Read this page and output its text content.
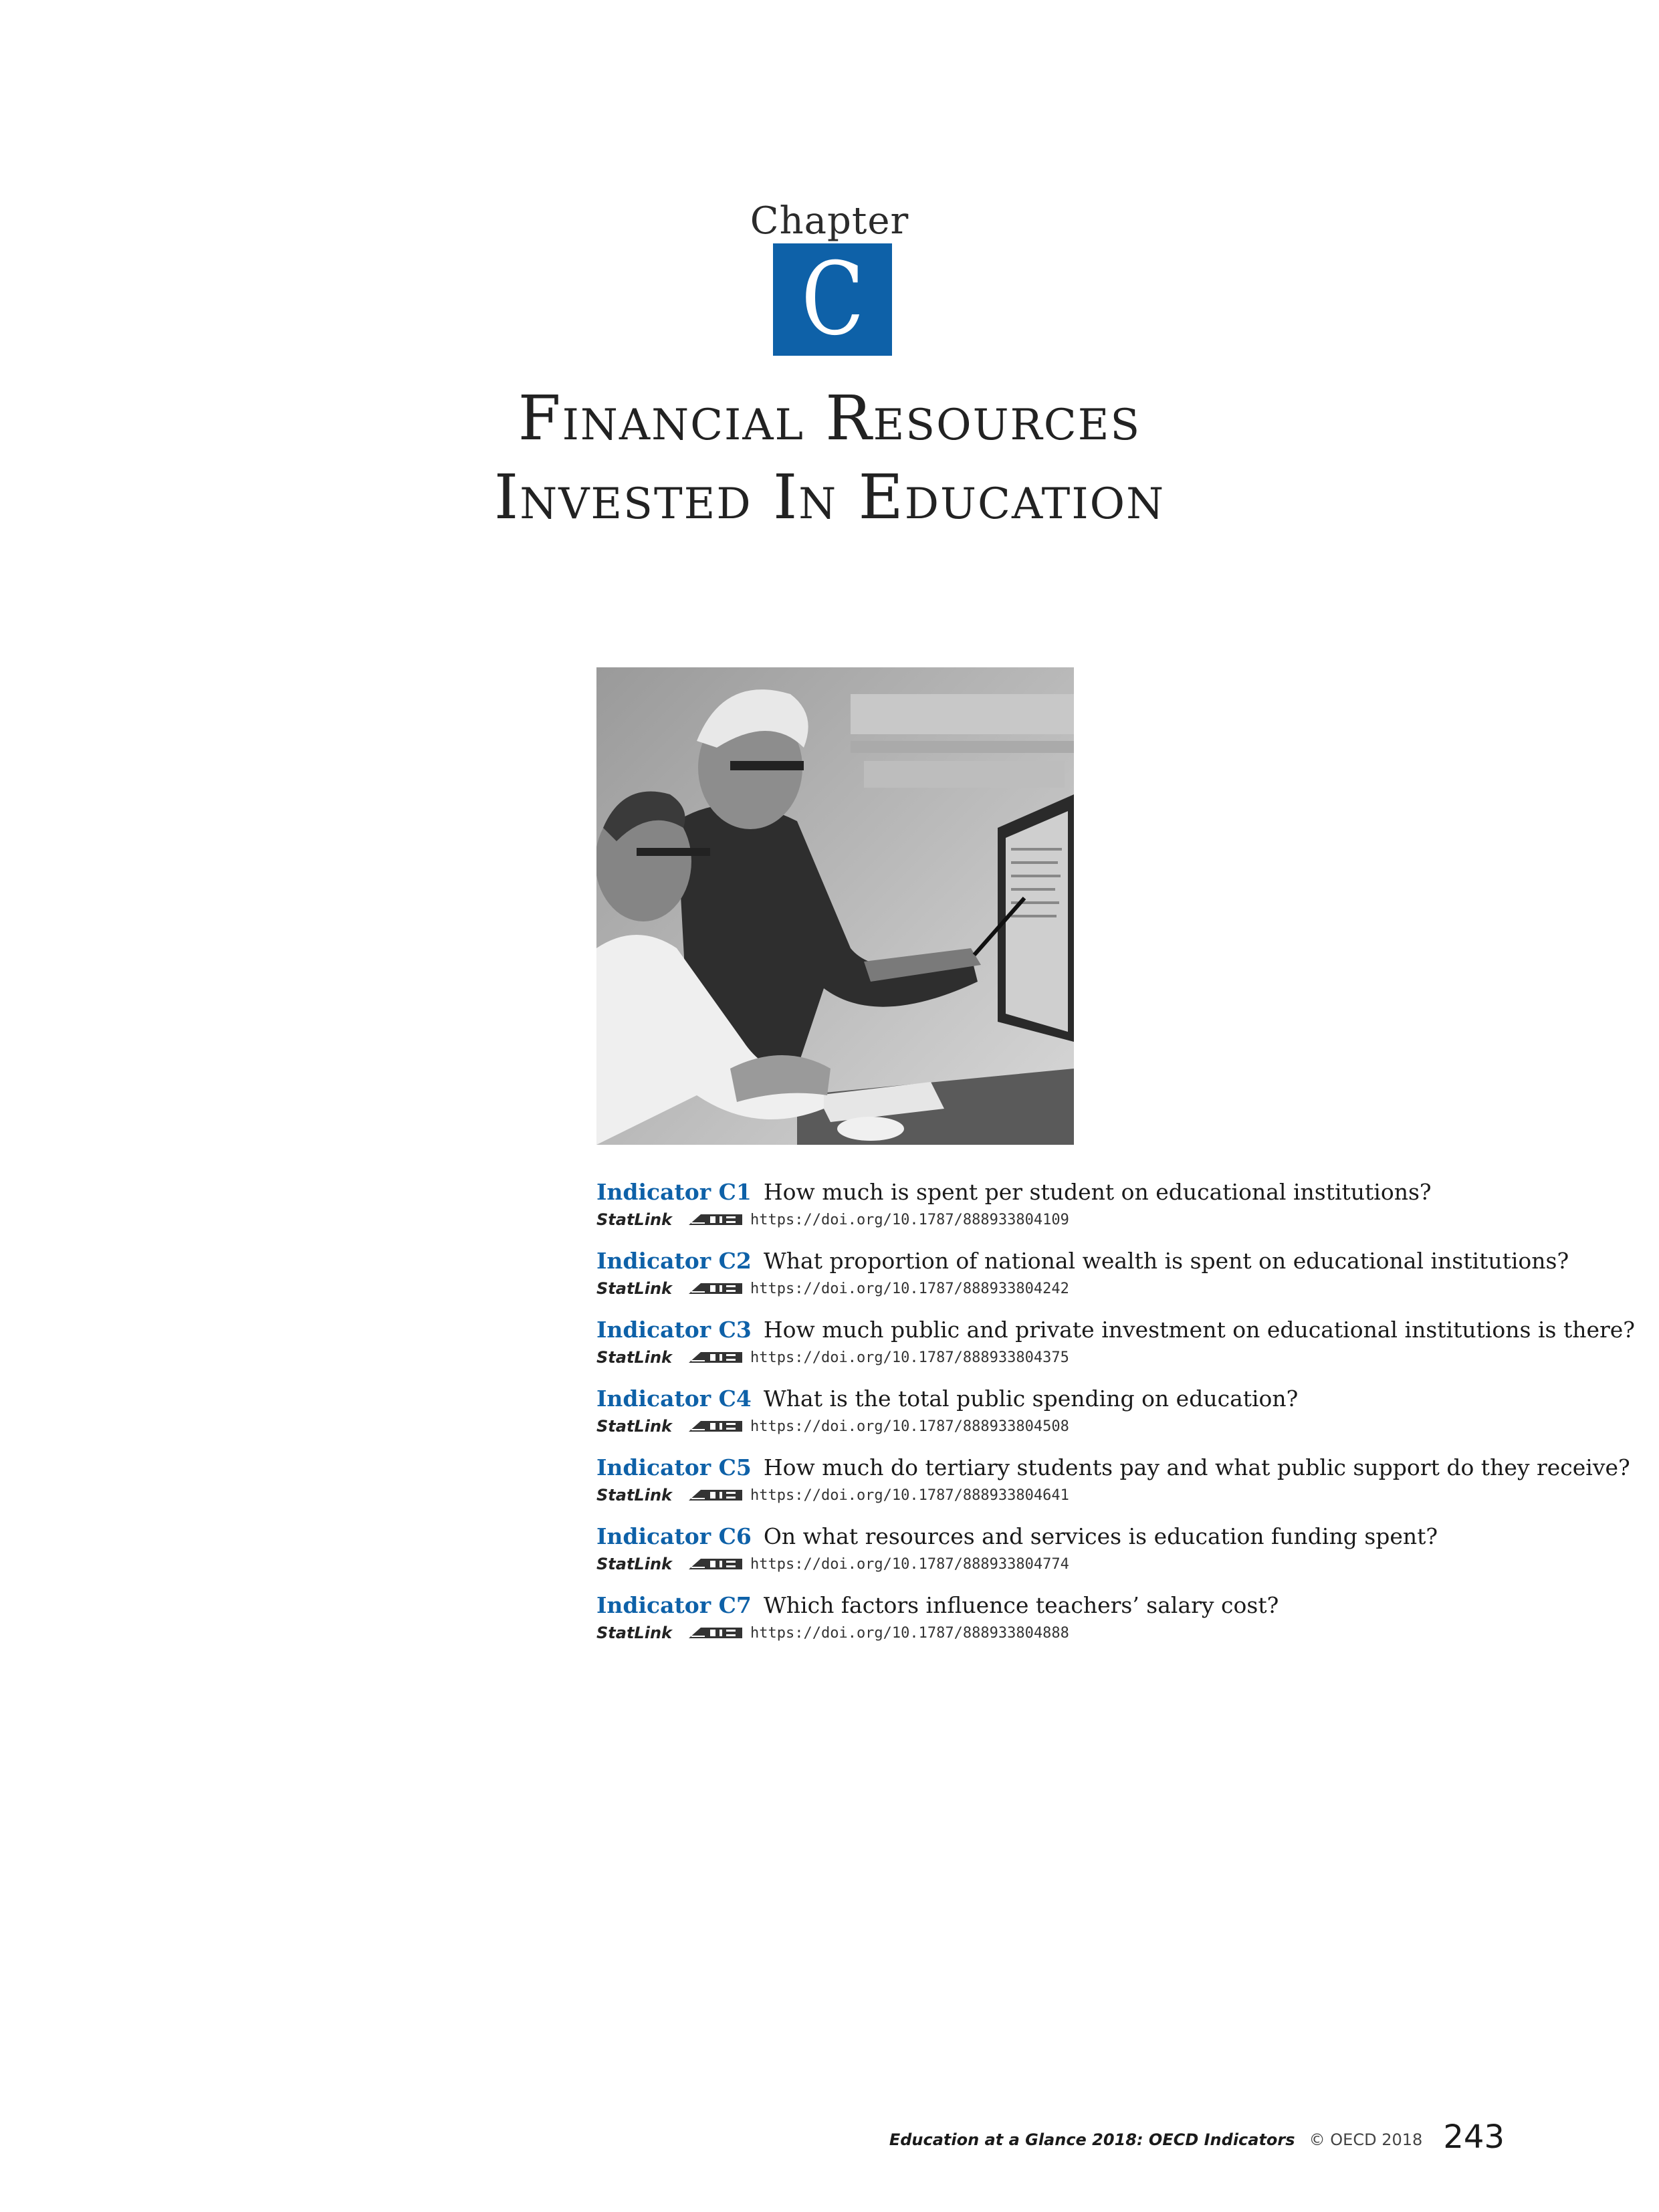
Chapter
C
Financial Resources
Invested In Education
Indicator C1 How much is spent per student on educational institutions?
StatLink	https://doi.org/10.1787/888933804109
Indicator C2 What proportion of national wealth is spent on educational institutions?
StatLink	https://doi.org/10.1787/888933804242
Indicator C3 How much public and private investment on educational institutions is there?
StatLink	https://doi.org/10.1787/888933804375
Indicator C4 What is the total public spending on education?
StatLink	https://doi.org/10.1787/888933804508
Indicator C5 How much do tertiary students pay and what public support do they receive?
StatLink	https://doi.org/10.1787/888933804641
Indicator C6 On what resources and services is education funding spent?
StatLink	https://doi.org/10.1787/888933804774
Indicator C7 Which factors influence teachers’ salary cost?
StatLink	https://doi.org/10.1787/888933804888
Education at a Glance 2018: OECD Indicators © OECD 2018 243
